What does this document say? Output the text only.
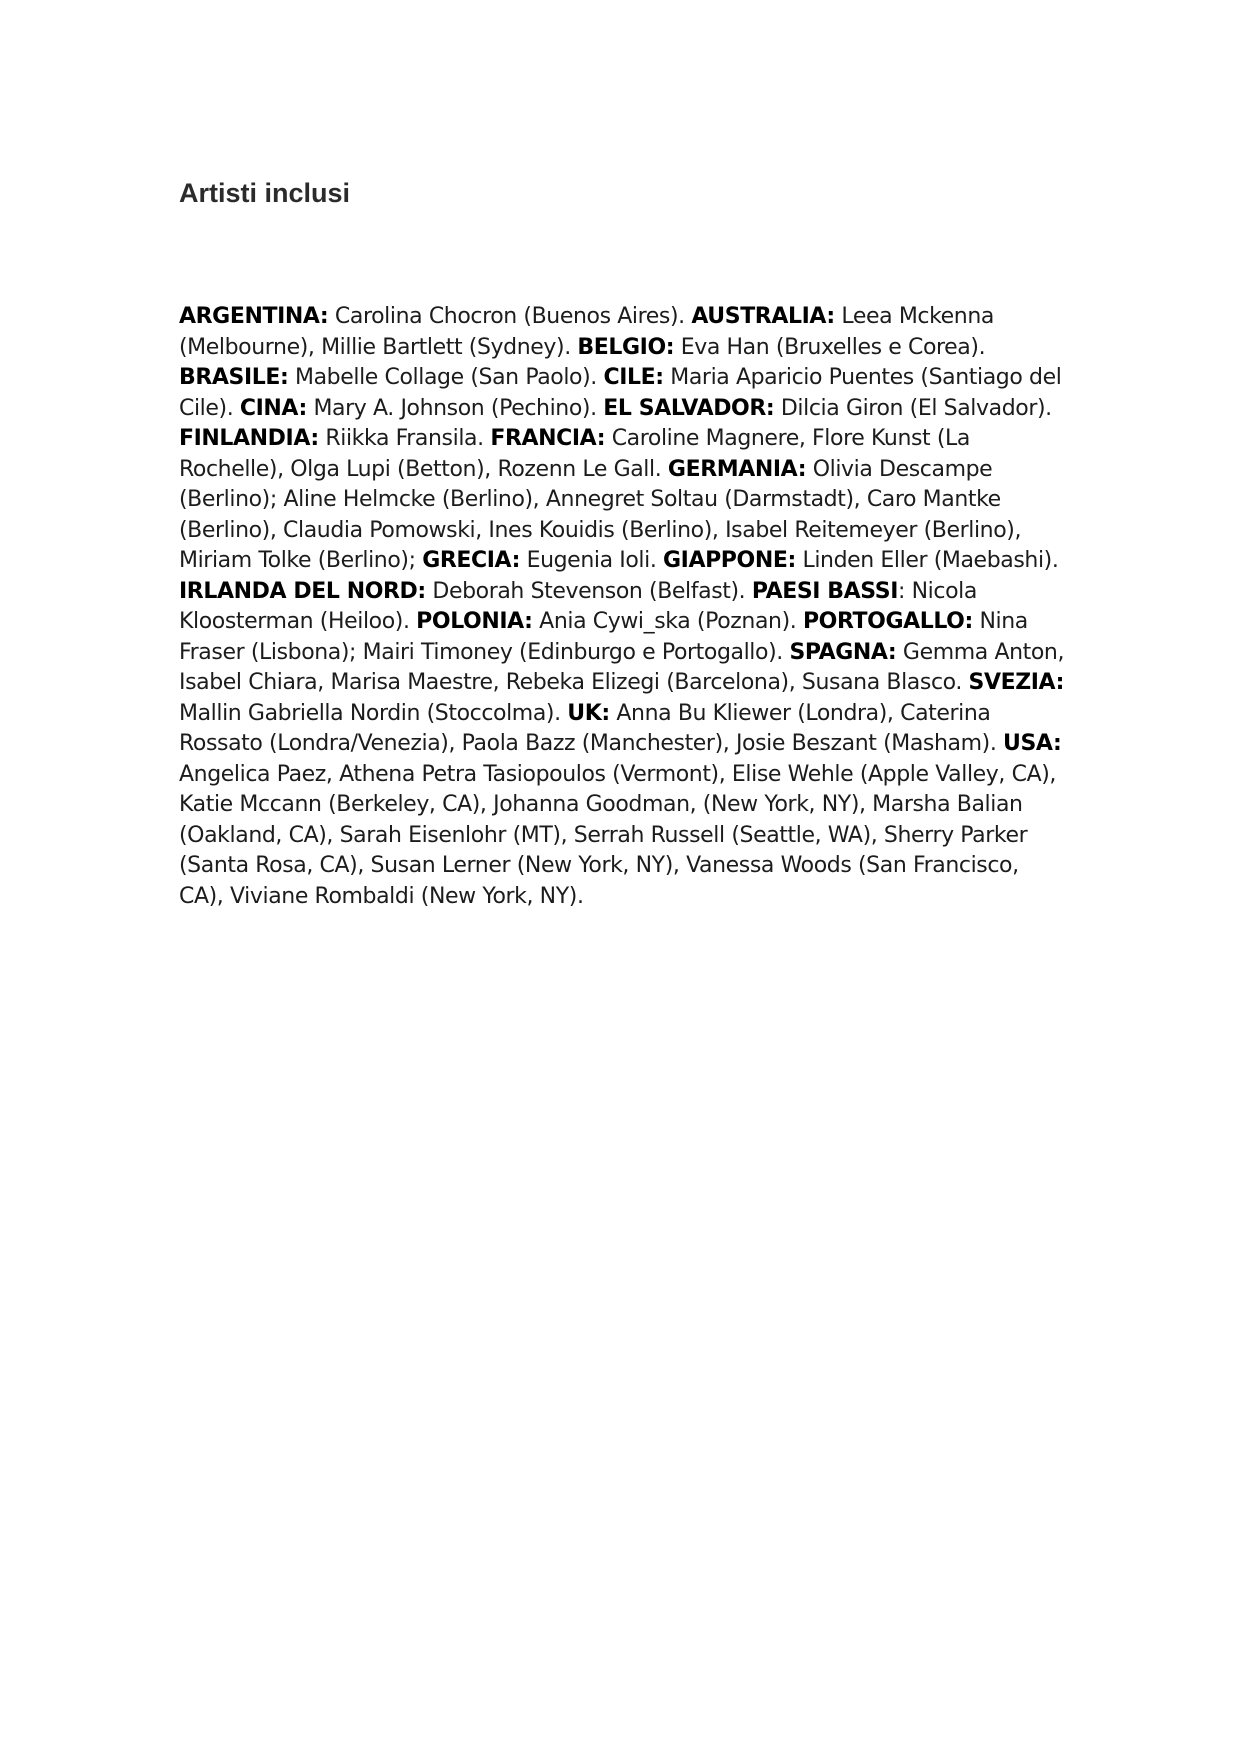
Artisti inclusi

ARGENTINA: Carolina Chocron (Buenos Aires). AUSTRALIA: Leea Mckenna (Melbourne), Millie Bartlett (Sydney). BELGIO: Eva Han (Bruxelles e Corea). BRASILE: Mabelle Collage (San Paolo). CILE: Maria Aparicio Puentes (Santiago del Cile). CINA: Mary A. Johnson (Pechino). EL SALVADOR: Dilcia Giron (El Salvador). FINLANDIA: Riikka Fransila. FRANCIA: Caroline Magnere, Flore Kunst (La Rochelle), Olga Lupi (Betton), Rozenn Le Gall. GERMANIA: Olivia Descampe (Berlino); Aline Helmcke (Berlino), Annegret Soltau (Darmstadt), Caro Mantke (Berlino), Claudia Pomowski, Ines Kouidis (Berlino), Isabel Reitemeyer (Berlino), Miriam Tolke (Berlino); GRECIA: Eugenia Ioli. GIAPPONE: Linden Eller (Maebashi). IRLANDA DEL NORD: Deborah Stevenson (Belfast). PAESI BASSI: Nicola Kloosterman (Heiloo). POLONIA: Ania Cywi_ska (Poznan). PORTOGALLO: Nina Fraser (Lisbona); Mairi Timoney (Edinburgo e Portogallo). SPAGNA: Gemma Anton, Isabel Chiara, Marisa Maestre, Rebeka Elizegi (Barcelona), Susana Blasco. SVEZIA: Mallin Gabriella Nordin (Stoccolma). UK: Anna Bu Kliewer (Londra), Caterina Rossato (Londra/Venezia), Paola Bazz (Manchester), Josie Beszant (Masham). USA: Angelica Paez, Athena Petra Tasiopoulos (Vermont), Elise Wehle (Apple Valley, CA), Katie Mccann (Berkeley, CA), Johanna Goodman, (New York, NY), Marsha Balian (Oakland, CA), Sarah Eisenlohr (MT), Serrah Russell (Seattle, WA), Sherry Parker (Santa Rosa, CA), Susan Lerner (New York, NY), Vanessa Woods (San Francisco, CA), Viviane Rombaldi (New York, NY).
